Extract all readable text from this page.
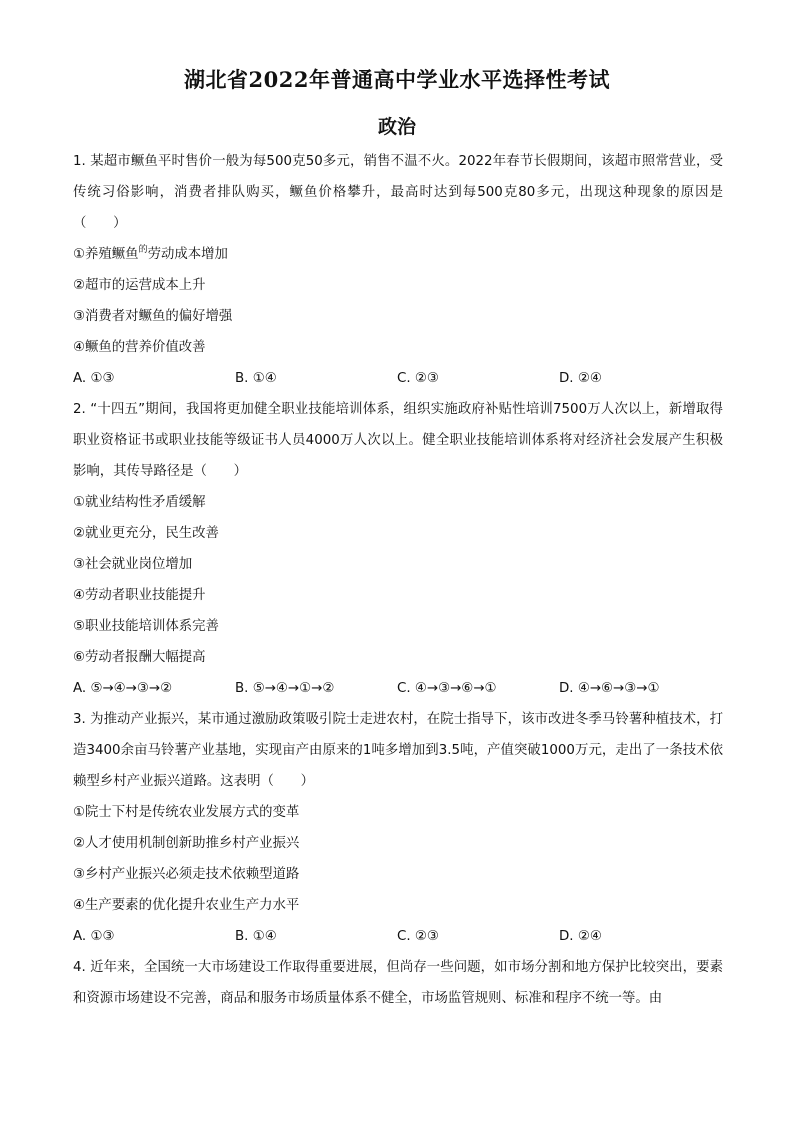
湖北省2022年普通高中学业水平选择性考试
政治

1. 某超市鳜鱼平时售价一般为每500克50多元，销售不温不火。2022年春节长假期间，该超市照常营业，受传统习俗影响，消费者排队购买，鳜鱼价格攀升，最高时达到每500克80多元，出现这种现象的原因是（　　）

①养殖鳜鱼$^的$劳动成本增加

②超市的运营成本上升

③消费者对鳜鱼的偏好增强

④鳜鱼的营养价值改善

A. ①③	B. ①④	C. ②③	D. ②④

2. “十四五”期间，我国将更加健全职业技能培训体系，组织实施政府补贴性培训7500万人次以上，新增取得职业资格证书或职业技能等级证书人员4000万人次以上。健全职业技能培训体系将对经济社会发展产生积极影响，其传导路径是（　　）

①就业结构性矛盾缓解

②就业更充分，民生改善

③社会就业岗位增加

④劳动者职业技能提升

⑤职业技能培训体系完善

⑥劳动者报酬大幅提高

A. ⑤→④→③→②	B. ⑤→④→①→②	C. ④→③→⑥→①	D. ④→⑥→③→①

3. 为推动产业振兴，某市通过激励政策吸引院士走进农村，在院士指导下，该市改进冬季马铃薯种植技术，打造3400余亩马铃薯产业基地，实现亩产由原来的1吨多增加到3.5吨，产值突破1000万元，走出了一条技术依赖型乡村产业振兴道路。这表明（　　）

①院士下村是传统农业发展方式的变革

②人才使用机制创新助推乡村产业振兴

③乡村产业振兴必须走技术依赖型道路

④生产要素的优化提升农业生产力水平

A. ①③	B. ①④	C. ②③	D. ②④

4. 近年来，全国统一大市场建设工作取得重要进展，但尚存一些问题，如市场分割和地方保护比较突出，要素和资源市场建设不完善，商品和服务市场质量体系不健全，市场监管规则、标准和程序不统一等。由
